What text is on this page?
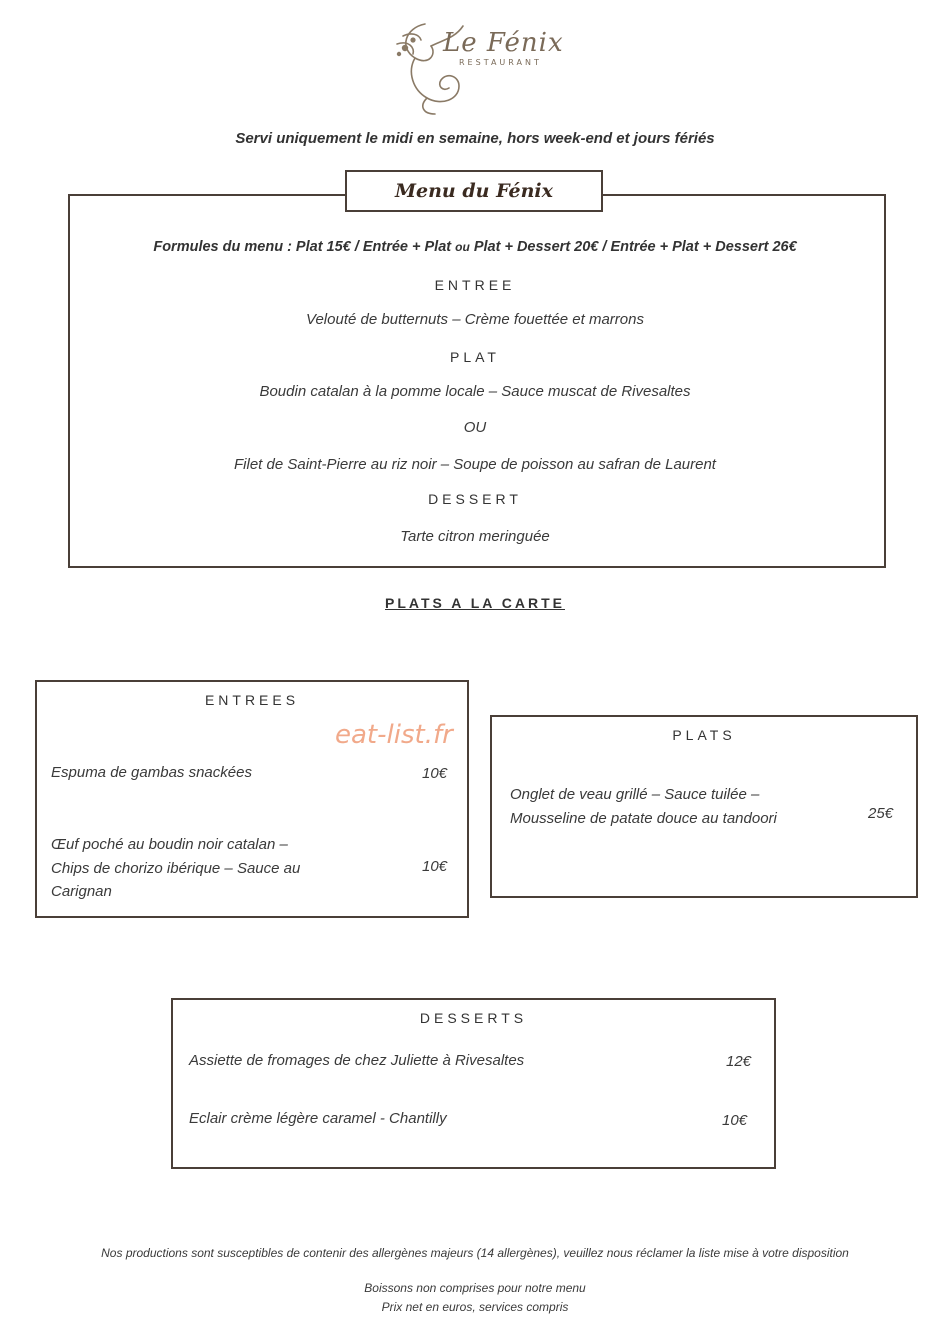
Le Fénix
RESTAURANT
Servi uniquement le midi en semaine, hors week-end et jours fériés
Menu du Fénix
Formules du menu : Plat 15€ / Entrée + Plat ou Plat + Dessert 20€ / Entrée + Plat + Dessert 26€
ENTREE
Velouté de butternuts – Crème fouettée et marrons
PLAT
Boudin catalan à la pomme locale – Sauce muscat de Rivesaltes
OU
Filet de Saint-Pierre au riz noir – Soupe de poisson au safran de Laurent
DESSERT
Tarte citron meringuée
PLATS A LA CARTE
ENTREES
eat-list.fr
Espuma de gambas snackées	10€
Œuf poché au boudin noir catalan –
Chips de chorizo ibérique – Sauce au
Carignan
10€
PLATS
Onglet de veau grillé – Sauce tuilée –
Mousseline de patate douce au tandoori	25€
DESSERTS
Assiette de fromages de chez Juliette à Rivesaltes	12€
Eclair crème légère caramel - Chantilly	10€
Nos productions sont susceptibles de contenir des allergènes majeurs (14 allergènes), veuillez nous réclamer la liste mise à votre disposition
Boissons non comprises pour notre menu
Prix net en euros, services compris
